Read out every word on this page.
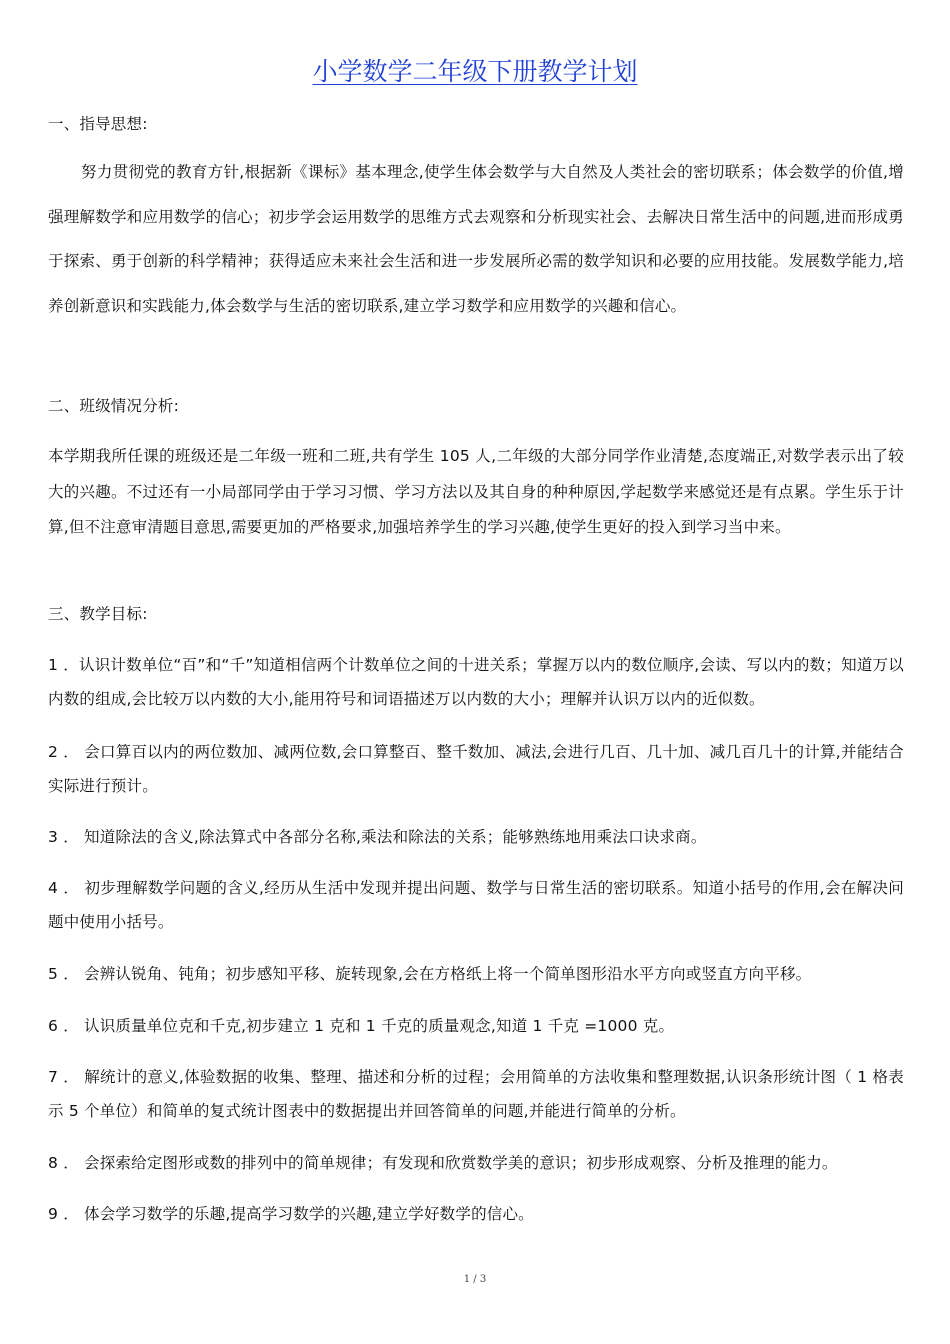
小学数学二年级下册教学计划
一、指导思想:
努力贯彻党的教育方针,根据新《课标》基本理念,使学生体会数学与大自然及人类社会的密切联系；体会数学的价值,增强理解数学和应用数学的信心；初步学会运用数学的思维方式去观察和分析现实社会、去解决日常生活中的问题,进而形成勇于探索、勇于创新的科学精神；获得适应未来社会生活和进一步发展所必需的数学知识和必要的应用技能。发展数学能力,培养创新意识和实践能力,体会数学与生活的密切联系,建立学习数学和应用数学的兴趣和信心。
二、班级情况分析:
本学期我所任课的班级还是二年级一班和二班,共有学生 105 人,二年级的大部分同学作业清楚,态度端正,对数学表示出了较大的兴趣。不过还有一小局部同学由于学习习惯、学习方法以及其自身的种种原因,学起数学来感觉还是有点累。学生乐于计算,但不注意审清题目意思,需要更加的严格要求,加强培养学生的学习兴趣,使学生更好的投入到学习当中来。
三、教学目标:
1 ．认识计数单位“百”和“千”知道相信两个计数单位之间的十进关系；掌握万以内的数位顺序,会读、写以内的数；知道万以内数的组成,会比较万以内数的大小,能用符号和词语描述万以内数的大小；理解并认识万以内的近似数。
2 ． 会口算百以内的两位数加、减两位数,会口算整百、整千数加、减法,会进行几百、几十加、减几百几十的计算,并能结合实际进行预计。
3 ． 知道除法的含义,除法算式中各部分名称,乘法和除法的关系；能够熟练地用乘法口诀求商。
4 ． 初步理解数学问题的含义,经历从生活中发现并提出问题、数学与日常生活的密切联系。知道小括号的作用,会在解决问题中使用小括号。
5 ． 会辨认锐角、钝角；初步感知平移、旋转现象,会在方格纸上将一个简单图形沿水平方向或竖直方向平移。
6 ． 认识质量单位克和千克,初步建立 1 克和 1 千克的质量观念,知道 1 千克 =1000 克。
7 ． 解统计的意义,体验数据的收集、整理、描述和分析的过程；会用简单的方法收集和整理数据,认识条形统计图（ 1 格表示 5 个单位）和简单的复式统计图表中的数据提出并回答简单的问题,并能进行简单的分析。
8 ． 会探索给定图形或数的排列中的简单规律；有发现和欣赏数学美的意识；初步形成观察、分析及推理的能力。
9 ． 体会学习数学的乐趣,提高学习数学的兴趣,建立学好数学的信心。
1 / 3
